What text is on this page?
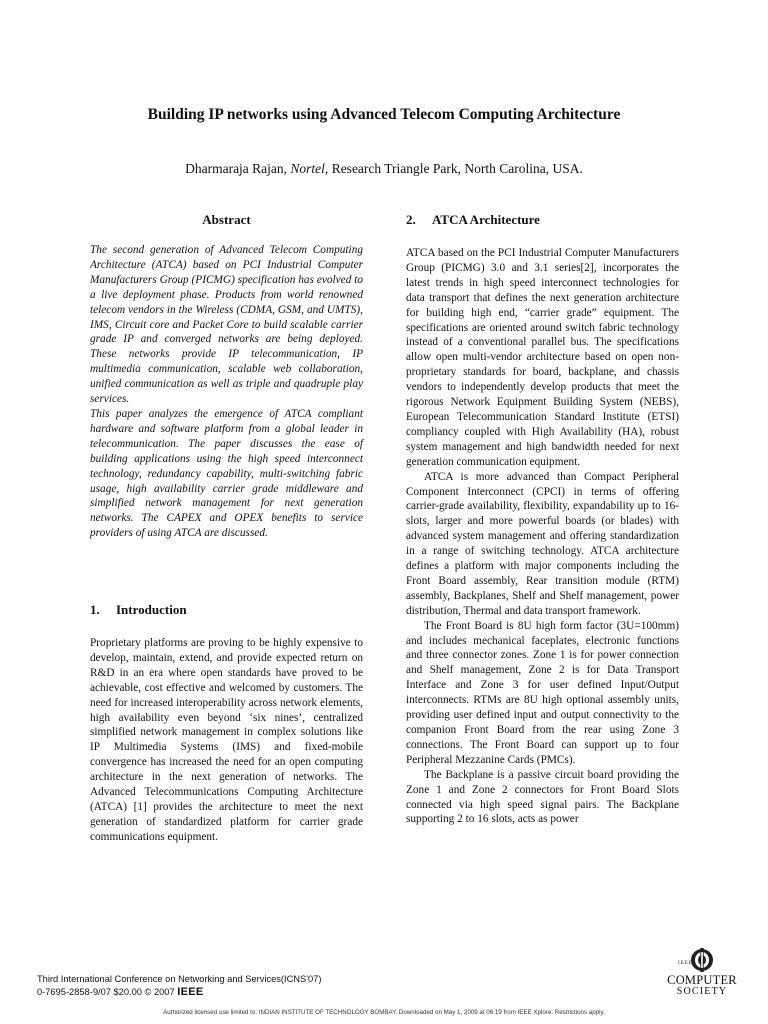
Building IP networks using Advanced Telecom Computing Architecture

Dharmaraja Rajan, Nortel, Research Triangle Park, North Carolina, USA.

Abstract	2. ATCA Architecture

The second generation of Advanced Telecom Computing Architecture (ATCA) based on PCI Industrial Computer Manufacturers Group (PICMG) specification has evolved to a live deployment phase. Products from world renowned telecom vendors in the Wireless (CDMA, GSM, and UMTS), IMS, Circuit core and Packet Core to build scalable carrier grade IP and converged networks are being deployed. These networks provide IP telecommunication, IP multimedia communication, scalable web collaboration, unified communication as well as triple and quadruple play services.

This paper analyzes the emergence of ATCA compliant hardware and software platform from a global leader in telecommunication. The paper discusses the ease of building applications using the high speed interconnect technology, redundancy capability, multi-switching fabric usage, high availability carrier grade middleware and simplified network management for next generation networks. The CAPEX and OPEX benefits to service providers of using ATCA are discussed.

1. Introduction

Proprietary platforms are proving to be highly expensive to develop, maintain, extend, and provide expected return on R&D in an era where open standards have proved to be achievable, cost effective and welcomed by customers. The need for increased interoperability across network elements, high availability even beyond ‘six nines’, centralized simplified network management in complex solutions like IP Multimedia Systems (IMS) and fixed-mobile convergence has increased the need for an open computing architecture in the next generation of networks. The Advanced Telecommunications Computing Architecture (ATCA) [1] provides the architecture to meet the next generation of standardized platform for carrier grade communications equipment.

ATCA based on the PCI Industrial Computer Manufacturers Group (PICMG) 3.0 and 3.1 series[2], incorporates the latest trends in high speed interconnect technologies for data transport that defines the next generation architecture for building high end, “carrier grade” equipment. The specifications are oriented around switch fabric technology instead of a conventional parallel bus. The specifications allow open multi-vendor architecture based on open non-proprietary standards for board, backplane, and chassis vendors to independently develop products that meet the rigorous Network Equipment Building System (NEBS), European Telecommunication Standard Institute (ETSI) compliancy coupled with High Availability (HA), robust system management and high bandwidth needed for next generation communication equipment.

ATCA is more advanced than Compact Peripheral Component Interconnect (CPCI) in terms of offering carrier-grade availability, flexibility, expandability up to 16-slots, larger and more powerful boards (or blades) with advanced system management and offering standardization in a range of switching technology. ATCA architecture defines a platform with major components including the Front Board assembly, Rear transition module (RTM) assembly, Backplanes, Shelf and Shelf management, power distribution, Thermal and data transport framework.

The Front Board is 8U high form factor (3U=100mm) and includes mechanical faceplates, electronic functions and three connector zones. Zone 1 is for power connection and Shelf management, Zone 2 is for Data Transport Interface and Zone 3 for user defined Input/Output interconnects. RTMs are 8U high optional assembly units, providing user defined input and output connectivity to the companion Front Board from the rear using Zone 3 connections. The Front Board can support up to four Peripheral Mezzanine Cards (PMCs).

The Backplane is a passive circuit board providing the Zone 1 and Zone 2 connectors for Front Board Slots connected via high speed signal pairs. The Backplane supporting 2 to 16 slots, acts as power

Third International Conference on Networking and Services(ICNS'07)
0-7695-2858-9/07 $20.00 © 2007 IEEE
IEEE
COMPUTER
SOCIETY
Authorized licensed use limited to: INDIAN INSTITUTE OF TECHNOLOGY BOMBAY. Downloaded on May 1, 2009 at 06:19 from IEEE Xplore. Restrictions apply.
